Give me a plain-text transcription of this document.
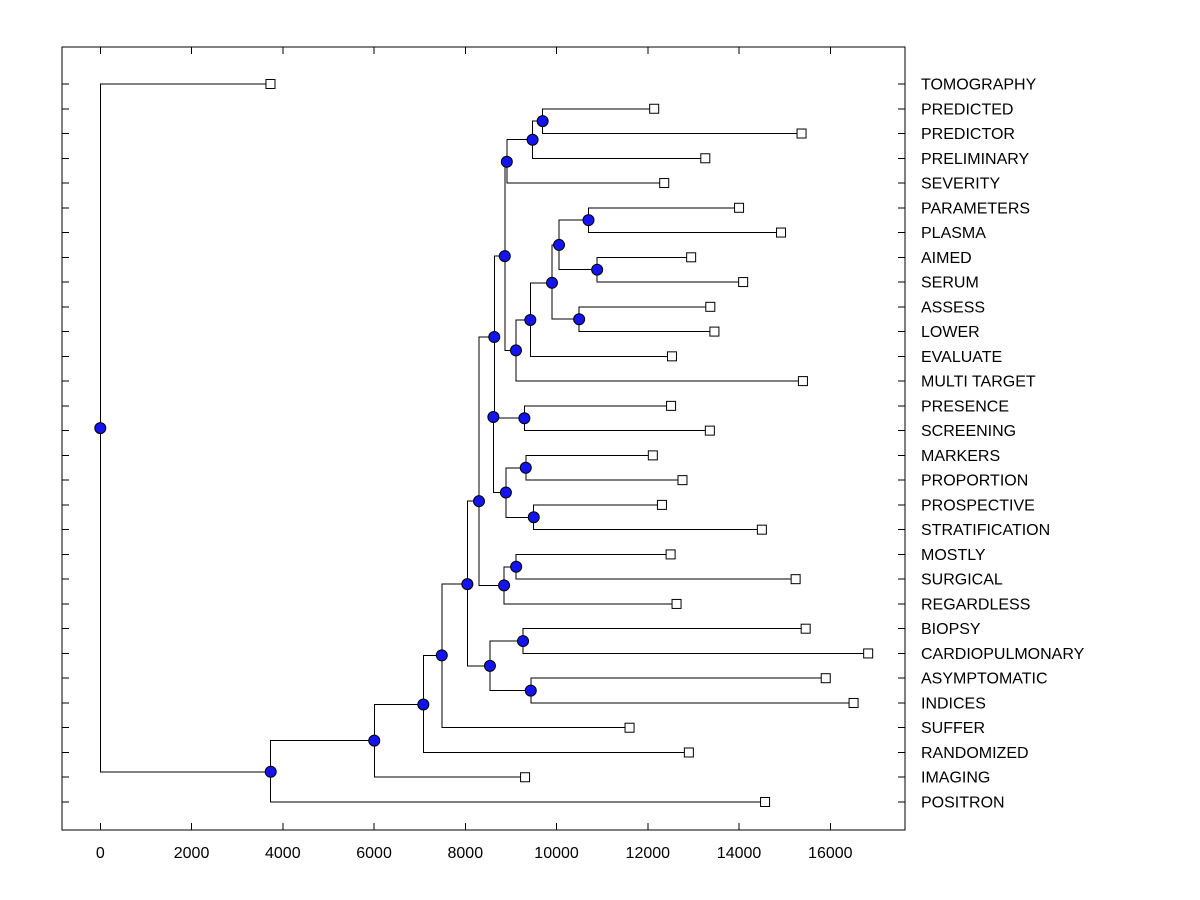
0	2000	4000	6000	8000	10000	12000	14000	16000
TOMOGRAPHY
PREDICTED
PREDICTOR
PRELIMINARY
SEVERITY
PARAMETERS
PLASMA
AIMED
SERUM
ASSESS
LOWER
EVALUATE
MULTI TARGET
PRESENCE
SCREENING
MARKERS
PROPORTION
PROSPECTIVE
STRATIFICATION
MOSTLY
SURGICAL
REGARDLESS
BIOPSY
CARDIOPULMONARY
ASYMPTOMATIC
INDICES
SUFFER
RANDOMIZED
IMAGING
POSITRON
